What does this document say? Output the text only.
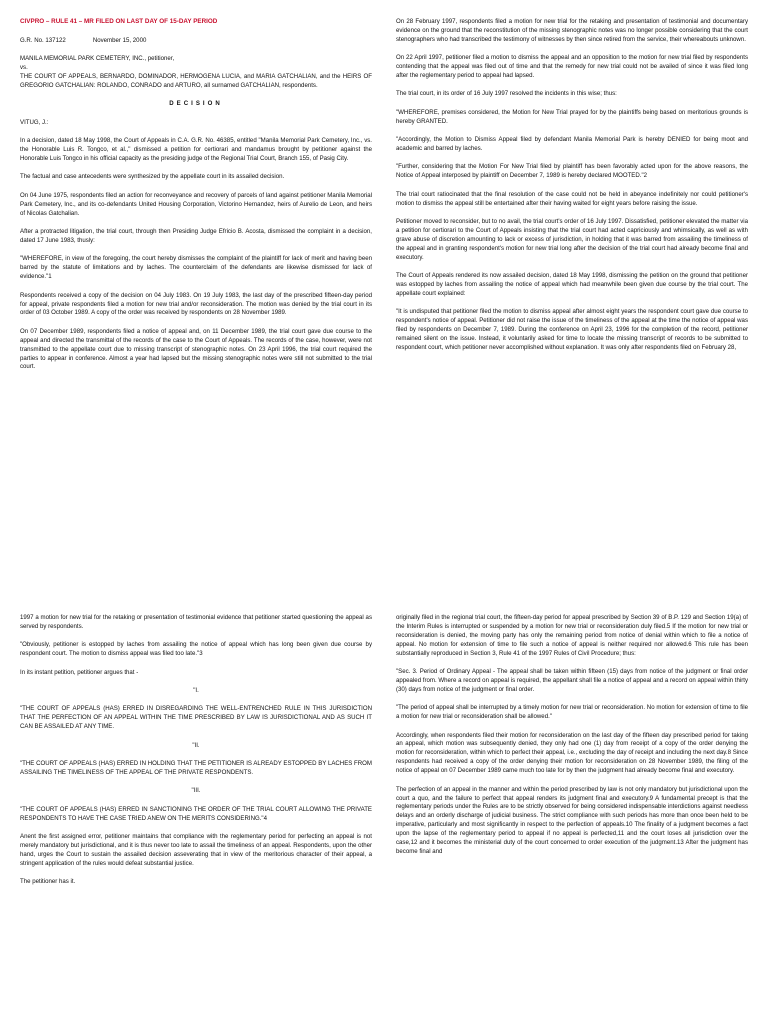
CIVPRO – RULE 41 – MR FILED ON LAST DAY OF 15-DAY PERIOD

G.R. No. 137122                November 15, 2000

MANILA MEMORIAL PARK CEMETERY, INC., petitioner,
vs.
THE COURT OF APPEALS, BERNARDO, DOMINADOR, HERMOGENA LUCIA, and MARIA GATCHALIAN, and the HEIRS OF GREGORIO GATCHALIAN: ROLANDO, CONRADO and ARTURO, all surnamed GATCHALIAN, respondents.

DECISION

VITUG, J.:

In a decision, dated 18 May 1998, the Court of Appeals in C.A. G.R. No. 46385, entitled "Manila Memorial Park Cemetery, Inc., vs. the Honorable Luis R. Tongco, et al.," dismissed a petition for certiorari and mandamus brought by petitioner against the Honorable Luis Tongco in his official capacity as the presiding judge of the Regional Trial Court, Branch 155, of Pasig City.

The factual and case antecedents were synthesized by the appellate court in its assailed decision.

On 04 June 1975, respondents filed an action for reconveyance and recovery of parcels of land against petitioner Manila Memorial Park Cemetery, Inc., and its co-defendants United Housing Corporation, Victorino Hernandez, heirs of Aurelio de Leon, and heirs of Nicolas Gatchalian.

After a protracted litigation, the trial court, through then Presiding Judge Efricio B. Acosta, dismissed the complaint in a decision, dated 17 June 1983, thusly:

"WHEREFORE, in view of the foregoing, the court hereby dismisses the complaint of the plaintiff for lack of merit and having been barred by the statute of limitations and by laches. The counterclaim of the defendants are likewise dismissed for lack of evidence."1

Respondents received a copy of the decision on 04 July 1983. On 19 July 1983, the last day of the prescribed fifteen-day period for appeal, private respondents filed a motion for new trial and/or reconsideration. The motion was denied by the trial court in its order of 03 October 1989. A copy of the order was received by respondents on 28 November 1989.

On 07 December 1989, respondents filed a notice of appeal and, on 11 December 1989, the trial court gave due course to the appeal and directed the transmittal of the records of the case to the Court of Appeals. The records of the case, however, were not transmitted to the appellate court due to missing transcript of stenographic notes. On 23 April 1996, the trial court required the parties to appear in conference. Almost a year had lapsed but the missing stenographic notes were still not submitted to the trial court.

On 28 February 1997, respondents filed a motion for new trial for the retaking and presentation of testimonial and documentary evidence on the ground that the reconstitution of the missing stenographic notes was no longer possible considering that the court stenographers who had transcribed the testimony of witnesses by then since retired from the service, their whereabouts unknown.

On 22 April 1997, petitioner filed a motion to dismiss the appeal and an opposition to the motion for new trial filed by respondents contending that the appeal was filed out of time and that the remedy for new trial could not be availed of since it was filed long after the reglementary period to appeal had lapsed.

The trial court, in its order of 16 July 1997 resolved the incidents in this wise; thus:

"WHEREFORE, premises considered, the Motion for New Trial prayed for by the plaintiffs being based on meritorious grounds is hereby GRANTED.

"Accordingly, the Motion to Dismiss Appeal filed by defendant Manila Memorial Park is hereby DENIED for being moot and academic and barred by laches.

"Further, considering that the Motion For New Trial filed by plaintiff has been favorably acted upon for the above reasons, the Notice of Appeal interposed by plaintiff on December 7, 1989 is hereby declared MOOTED."2

The trial court ratiocinated that the final resolution of the case could not be held in abeyance indefinitely nor could petitioner's motion to dismiss the appeal still be entertained after their having waited for eight years before raising the issue.

Petitioner moved to reconsider, but to no avail, the trial court's order of 16 July 1997. Dissatisfied, petitioner elevated the matter via a petition for certiorari to the Court of Appeals insisting that the trial court had acted capriciously and whimsically, as well as with grave abuse of discretion amounting to lack or excess of jurisdiction, in holding that it was barred from assailing the timeliness of the appeal and in granting respondent's motion for new trial long after the decision of the trial court had already become final and executory.

The Court of Appeals rendered its now assailed decision, dated 18 May 1998, dismissing the petition on the ground that petitioner was estopped by laches from assailing the notice of appeal which had meanwhile been given due course by the trial court. The appellate court explained:

"It is undisputed that petitioner filed the motion to dismiss appeal after almost eight years the respondent court gave due course to respondent's notice of appeal. Petitioner did not raise the issue of the timeliness of the appeal at the time the notice of appeal was filed by respondents on December 7, 1989. During the conference on April 23, 1996 for the completion of the record, petitioner remained silent on the issue. Instead, it voluntarily asked for time to locate the missing transcript of records to be submitted to respondent court, which petitioner never accomplished without explanation. It was only after respondents filed on February 28,

1997 a motion for new trial for the retaking or presentation of testimonial evidence that petitioner started questioning the appeal as served by respondents.

"Obviously, petitioner is estopped by laches from assailing the notice of appeal which has long been given due course by respondent court. The motion to dismiss appeal was filed too late."3

In its instant petition, petitioner argues that -

"I.

"THE COURT OF APPEALS (HAS) ERRED IN DISREGARDING THE WELL-ENTRENCHED RULE IN THIS JURISDICTION THAT THE PERFECTION OF AN APPEAL WITHIN THE TIME PRESCRIBED BY LAW IS JURISDICTIONAL AND AS SUCH IT CAN BE ASSAILED AT ANY TIME.

"II.

"THE COURT OF APPEALS (HAS) ERRED IN HOLDING THAT THE PETITIONER IS ALREADY ESTOPPED BY LACHES FROM ASSAILING THE TIMELINESS OF THE APPEAL OF THE PRIVATE RESPONDENTS.

"III.

"THE COURT OF APPEALS (HAS) ERRED IN SANCTIONING THE ORDER OF THE TRIAL COURT ALLOWING THE PRIVATE RESPONDENTS TO HAVE THE CASE TRIED ANEW ON THE MERITS CONSIDERING."4

Anent the first assigned error, petitioner maintains that compliance with the reglementary period for perfecting an appeal is not merely mandatory but jurisdictional, and it is thus never too late to assail the timeliness of an appeal. Respondents, upon the other hand, urges the Court to sustain the assailed decision asseverating that in view of the meritorious character of their appeal, a stringent application of the rules would defeat substantial justice.

The petitioner has it.

originally filed in the regional trial court, the fifteen-day period for appeal prescribed by Section 39 of B.P. 129 and Section 19(a) of the Interim Rules is interrupted or suspended by a motion for new trial or reconsideration duly filed.5 If the motion for new trial or reconsideration is denied, the moving party has only the remaining period from notice of denial within which to file a notice of appeal. No motion for extension of time to file such a notice of appeal is neither required nor allowed.6 This rule has been substantially reproduced in Section 3, Rule 41 of the 1997 Rules of Civil Procedure; thus:

"Sec. 3. Period of Ordinary Appeal - The appeal shall be taken within fifteen (15) days from notice of the judgment or final order appealed from. Where a record on appeal is required, the appellant shall file a notice of appeal and a record on appeal within thirty (30) days from notice of the judgment or final order.

"The period of appeal shall be interrupted by a timely motion for new trial or reconsideration. No motion for extension of time to file a motion for new trial or reconsideration shall be allowed."

Accordingly, when respondents filed their motion for reconsideration on the last day of the fifteen day prescribed period for taking an appeal, which motion was subsequently denied, they only had one (1) day from receipt of a copy of the order denying the motion for reconsideration, within which to perfect their appeal, i.e., excluding the day of receipt and including the next day.8 Since respondents had received a copy of the order denying their motion for reconsideration on 28 November 1989, the filing of the notice of appeal on 07 December 1989 came much too late for by then the judgment had already become final and executory.

The perfection of an appeal in the manner and within the period prescribed by law is not only mandatory but jurisdictional upon the court a quo, and the failure to perfect that appeal renders its judgment final and executory.9 A fundamental precept is that the reglementary periods under the Rules are to be strictly observed for being considered indispensable interdictions against needless delays and an orderly discharge of judicial business. The strict compliance with such periods has more than once been held to be imperative, particularly and most significantly in respect to the perfection of appeals.10 The finality of a judgment becomes a fact upon the lapse of the reglementary period to appeal if no appeal is perfected,11 and the court loses all jurisdiction over the case,12 and it becomes the ministerial duty of the court concerned to order execution of the judgment.13 After the judgment has become final and
